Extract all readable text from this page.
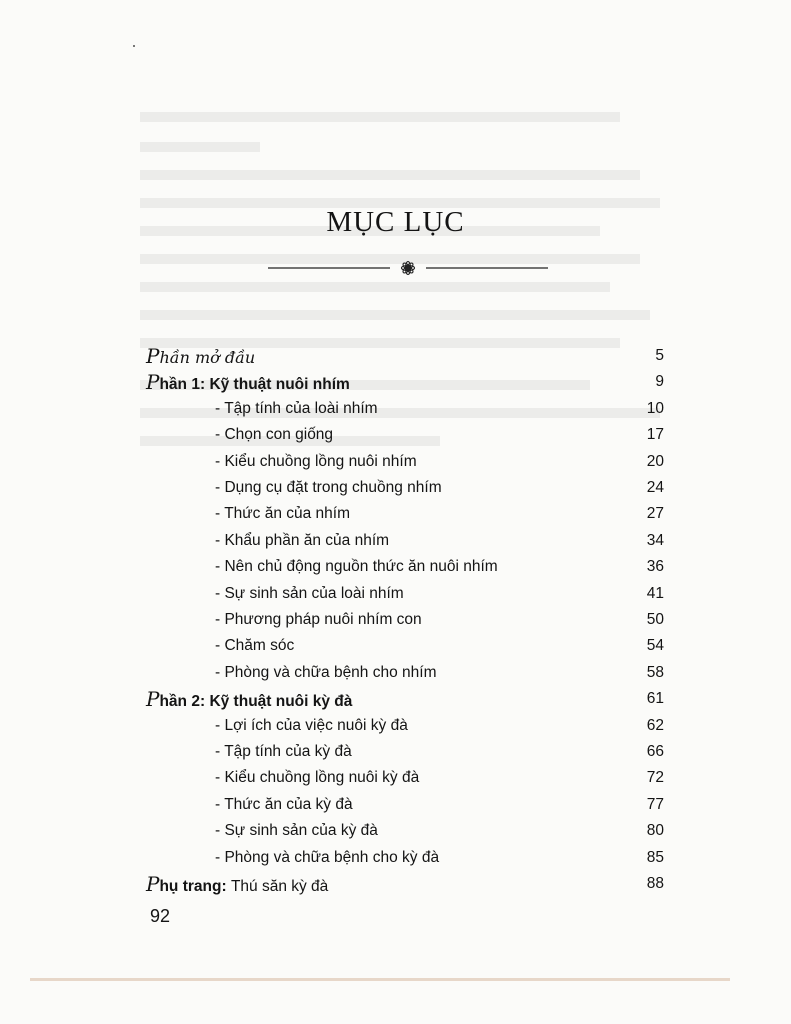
MỤC LỤC
Phần mở đầu	5
Phần 1: Kỹ thuật nuôi nhím	9
- Tập tính của loài nhím	10
- Chọn con giống	17
- Kiểu chuồng lồng nuôi nhím	20
- Dụng cụ đặt trong chuồng nhím	24
- Thức ăn của nhím	27
- Khẩu phần ăn của nhím	34
- Nên chủ động nguồn thức ăn nuôi nhím	36
- Sự sinh sản của loài nhím	41
- Phương pháp nuôi nhím con	50
- Chăm sóc	54
- Phòng và chữa bệnh cho nhím	58
Phần 2: Kỹ thuật nuôi kỳ đà	61
- Lợi ích của việc nuôi kỳ đà	62
- Tập tính của kỳ đà	66
- Kiểu chuồng lồng nuôi kỳ đà	72
- Thức ăn của kỳ đà	77
- Sự sinh sản của kỳ đà	80
- Phòng và chữa bệnh cho kỳ đà	85
Phụ trang: Thú săn kỳ đà	88
92
